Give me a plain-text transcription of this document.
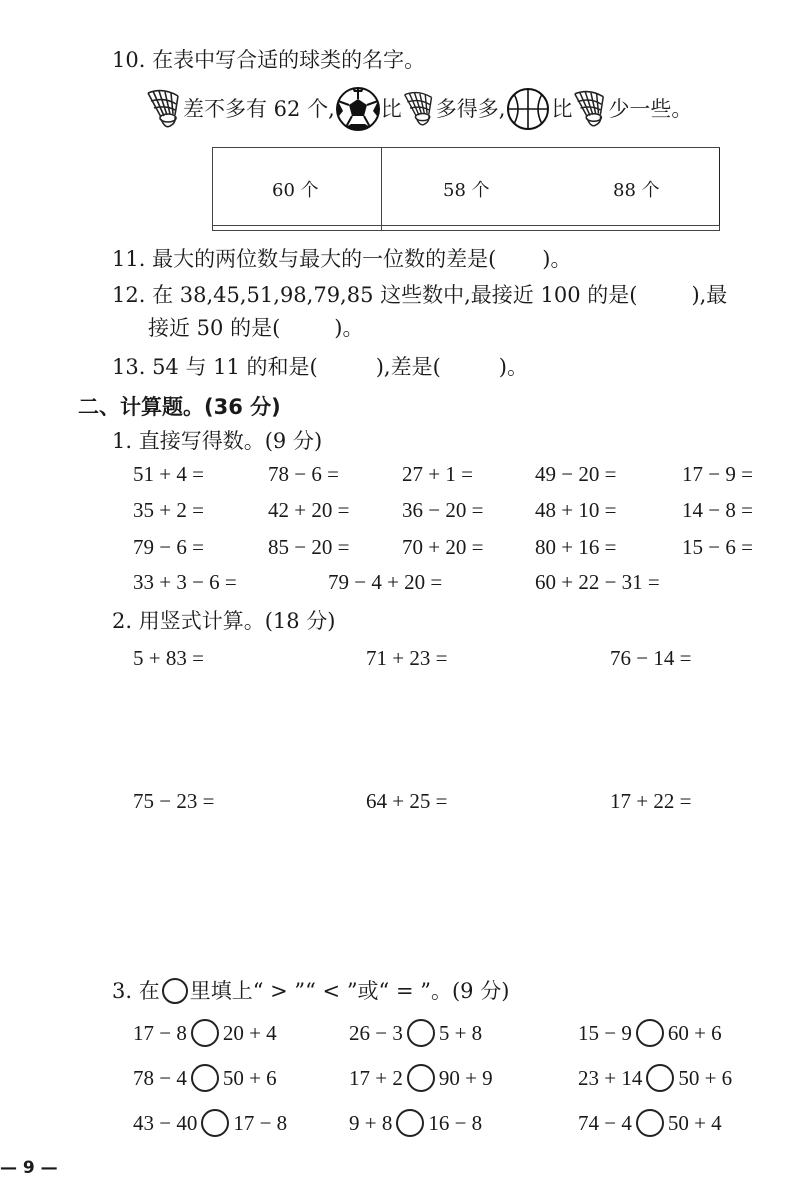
10. 在表中写合适的球类的名字。
差不多有 62 个, 比 多得多, 比 少一些。
60 个	58 个 88 个

11. 最大的两位数与最大的一位数的差是( )。
12. 在 38,45,51,98,79,85 这些数中,最接近 100 的是(	),最
接近 50 的是(	)。
13. 54 与 11 的和是(	),差是(	)。
二、计算题。(36 分)
1. 直接写得数。(9 分)
51 + 4 =	78 − 6 =	27 + 1 =	49 − 20 =	17 − 9 =
35 + 2 =	42 + 20 =	36 − 20 = 48 + 10 =	14 − 8 =
79 − 6 =	85 − 20 =	70 + 20 = 80 + 16 =	15 − 6 =
33 + 3 − 6 =	79 − 4 + 20 =	60 + 22 − 31 =
2. 用竖式计算。(18 分)
5 + 83 =	71 + 23 =	76 − 14 =
75 − 23 =	64 + 25 =	17 + 22 =
3. 在 里填上“ > ”“ < ”或“ = ”。(9 分)
17 − 8 20 + 4	26 − 3 5 + 8	15 − 9 60 + 6
78 − 4 50 + 6	17 + 2 90 + 9	23 + 14 50 + 6
43 − 40 17 − 8	9 + 8 16 − 8	74 − 4 50 + 4
— 9 —
